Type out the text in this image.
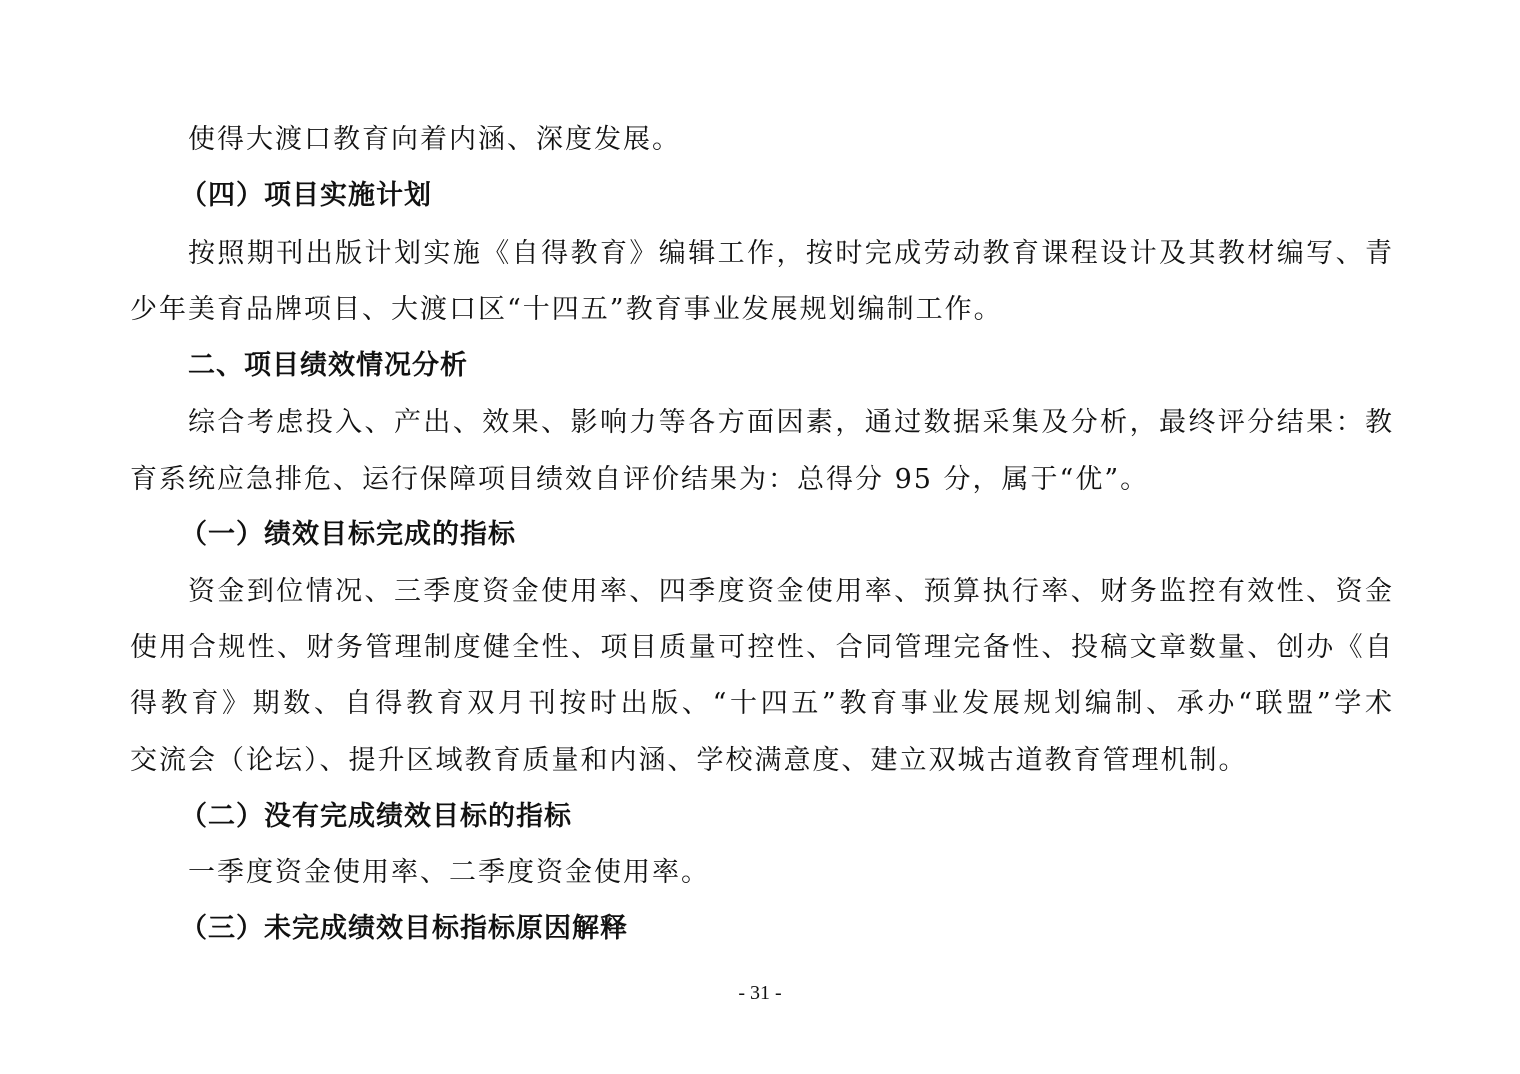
使得大渡口教育向着内涵、深度发展。
（四）项目实施计划
按照期刊出版计划实施《自得教育》编辑工作，按时完成劳动教育课程设计及其教材编写、青
少年美育品牌项目、大渡口区“十四五”教育事业发展规划编制工作。
二、项目绩效情况分析
综合考虑投入、产出、效果、影响力等各方面因素，通过数据采集及分析，最终评分结果：教
育系统应急排危、运行保障项目绩效自评价结果为：总得分 95 分，属于“优”。
（一）绩效目标完成的指标
资金到位情况、三季度资金使用率、四季度资金使用率、预算执行率、财务监控有效性、资金
使用合规性、财务管理制度健全性、项目质量可控性、合同管理完备性、投稿文章数量、创办《自
得教育》期数、自得教育双月刊按时出版、“十四五”教育事业发展规划编制、承办“联盟”学术
交流会（论坛）、提升区域教育质量和内涵、学校满意度、建立双城古道教育管理机制。
（二）没有完成绩效目标的指标
一季度资金使用率、二季度资金使用率。
（三）未完成绩效目标指标原因解释
- 31 -
